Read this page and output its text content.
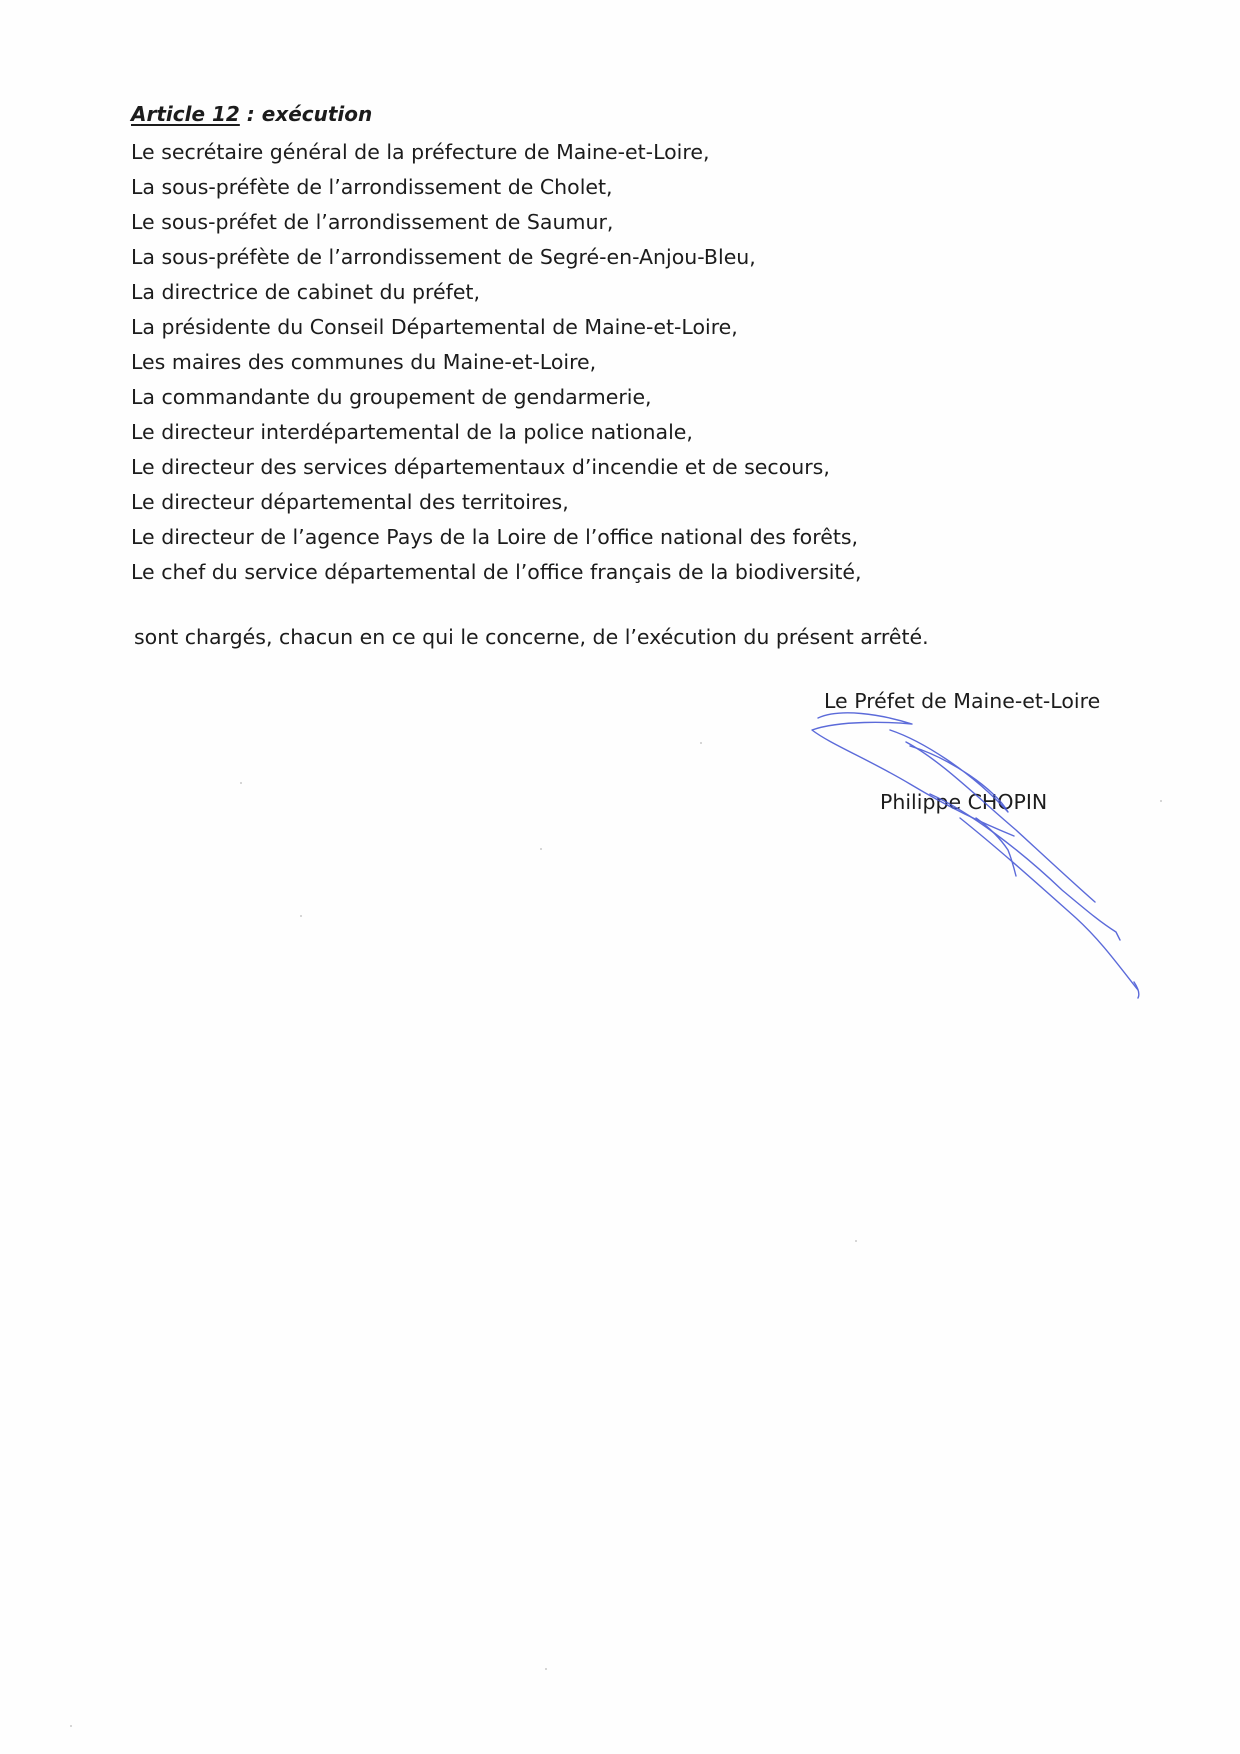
Article 12 : exécution
Le secrétaire général de la préfecture de Maine-et-Loire,
La sous-préfète de l’arrondissement de Cholet,
Le sous-préfet de l’arrondissement de Saumur,
La sous-préfète de l’arrondissement de Segré-en-Anjou-Bleu,
La directrice de cabinet du préfet,
La présidente du Conseil Départemental de Maine-et-Loire,
Les maires des communes du Maine-et-Loire,
La commandante du groupement de gendarmerie,
Le directeur interdépartemental de la police nationale,
Le directeur des services départementaux d’incendie et de secours,
Le directeur départemental des territoires,
Le directeur de l’agence Pays de la Loire de l’office national des forêts,
Le chef du service départemental de l’office français de la biodiversité,
sont chargés, chacun en ce qui le concerne, de l’exécution du présent arrêté.
Le Préfet de Maine-et-Loire
Philippe CHOPIN
